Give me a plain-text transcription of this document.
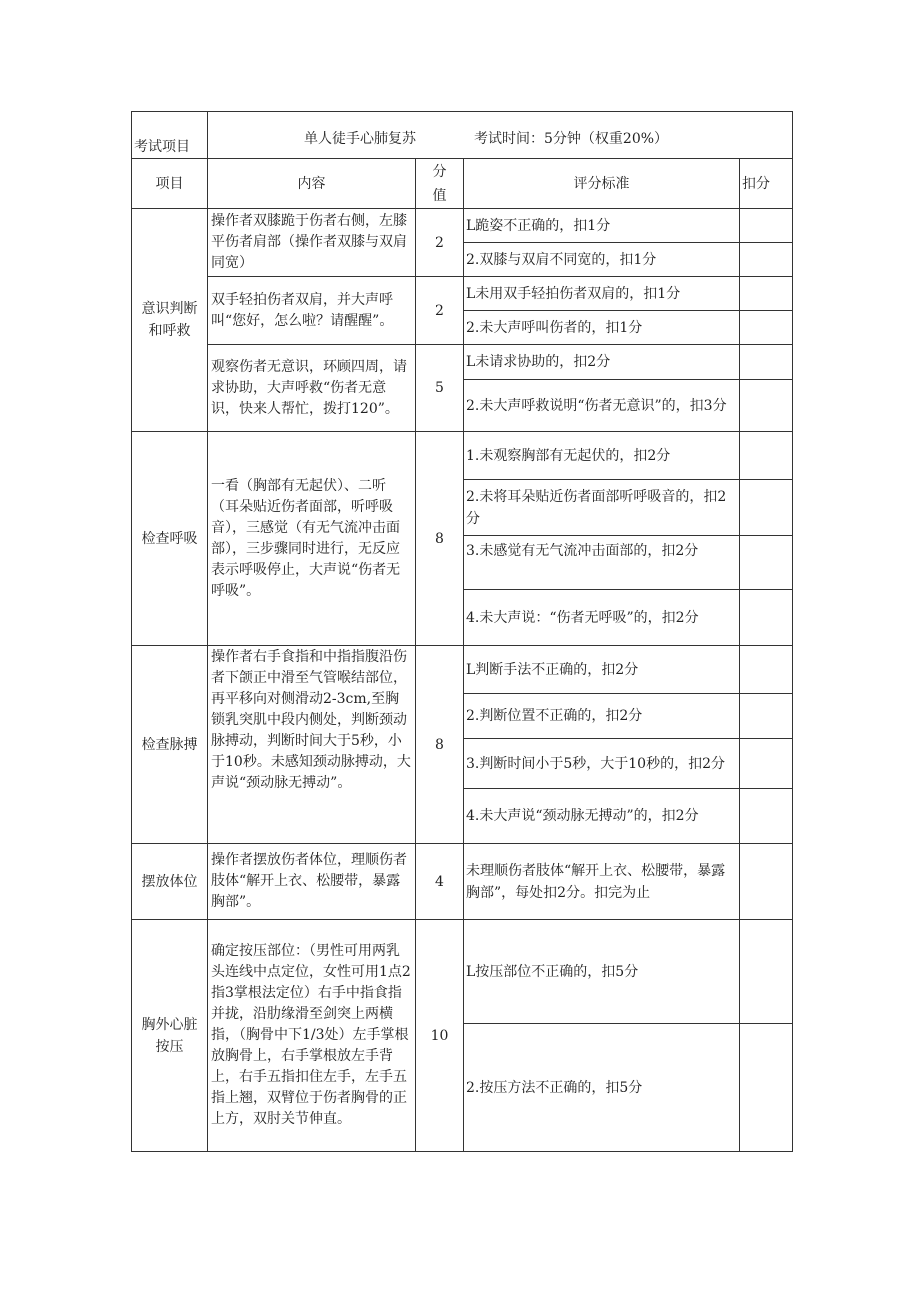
考试项目	单人徒手心肺复苏 考试时间：5分钟（权重20%）			
项目	内容	分值	评分标准	扣分
意识判断和呼救	操作者双膝跪于伤者右侧，左膝平伤者肩部（操作者双膝与双肩同宽）	2	L跪姿不正确的，扣1分	
			2.双膝与双肩不同宽的，扣1分	
	双手轻拍伤者双肩，并大声呼叫“您好，怎么啦？请醒醒”。	2	L未用双手轻拍伤者双肩的，扣1分	
			2.未大声呼叫伤者的，扣1分	
	观察伤者无意识，环顾四周，请求协助，大声呼救“伤者无意识，快来人帮忙，拨打120”。	5	L未请求协助的，扣2分	
			2.未大声呼救说明“伤者无意识”的，扣3分	
检查呼吸	一看（胸部有无起伏）、二听（耳朵贴近伤者面部，听呼吸音），三感觉（有无气流冲击面部），三步骤同时进行，无反应表示呼吸停止，大声说“伤者无呼吸”。	8	1.未观察胸部有无起伏的，扣2分	
			2.未将耳朵贴近伤者面部听呼吸音的，扣2分	
			3.未感觉有无气流冲击面部的，扣2分	
			4.未大声说：“伤者无呼吸”的，扣2分	
检查脉搏	操作者右手食指和中指指腹沿伤者下颌正中滑至气管喉结部位，再平移向对侧滑动2-3cm,至胸锁乳突肌中段内侧处，判断颈动脉搏动，判断时间大于5秒，小于10秒。未感知颈动脉搏动，大声说“颈动脉无搏动”。	8	L判断手法不正确的，扣2分	
			2.判断位置不正确的，扣2分	
			3.判断时间小于5秒，大于10秒的，扣2分	
			4.未大声说“颈动脉无搏动”的，扣2分	
摆放体位	操作者摆放伤者体位，理顺伤者肢体“解开上衣、松腰带，暴露胸部”。	4	未理顺伤者肢体“解开上衣、松腰带，暴露胸部”，每处扣2分。扣完为止	
胸外心脏按压	确定按压部位：（男性可用两乳头连线中点定位，女性可用1点2指3掌根法定位）右手中指食指并拢，沿肋缘滑至剑突上两横指，（胸骨中下1/3处）左手掌根放胸骨上，右手掌根放左手背上，右手五指扣住左手，左手五指上翘，双臂位于伤者胸骨的正上方，双肘关节伸直。	10	L按压部位不正确的，扣5分	
			2.按压方法不正确的，扣5分	
